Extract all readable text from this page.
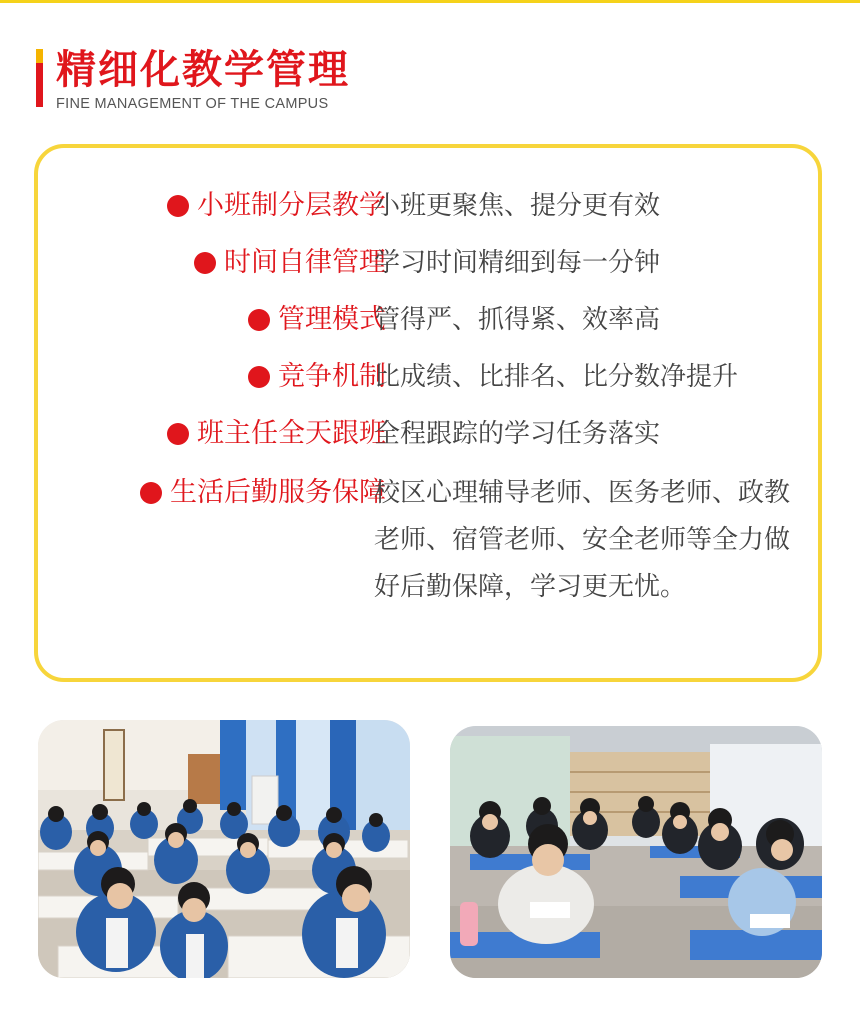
精细化教学管理
FINE MANAGEMENT OF THE CAMPUS
小班制分层教学
小班更聚焦、提分更有效
时间自律管理
学习时间精细到每一分钟
管理模式
管得严、抓得紧、效率高
竞争机制
比成绩、比排名、比分数净提升
班主任全天跟班
全程跟踪的学习任务落实
生活后勤服务保障
校区心理辅导老师、医务老师、政教老师、宿管老师、安全老师等全力做好后勤保障，学习更无忧。
